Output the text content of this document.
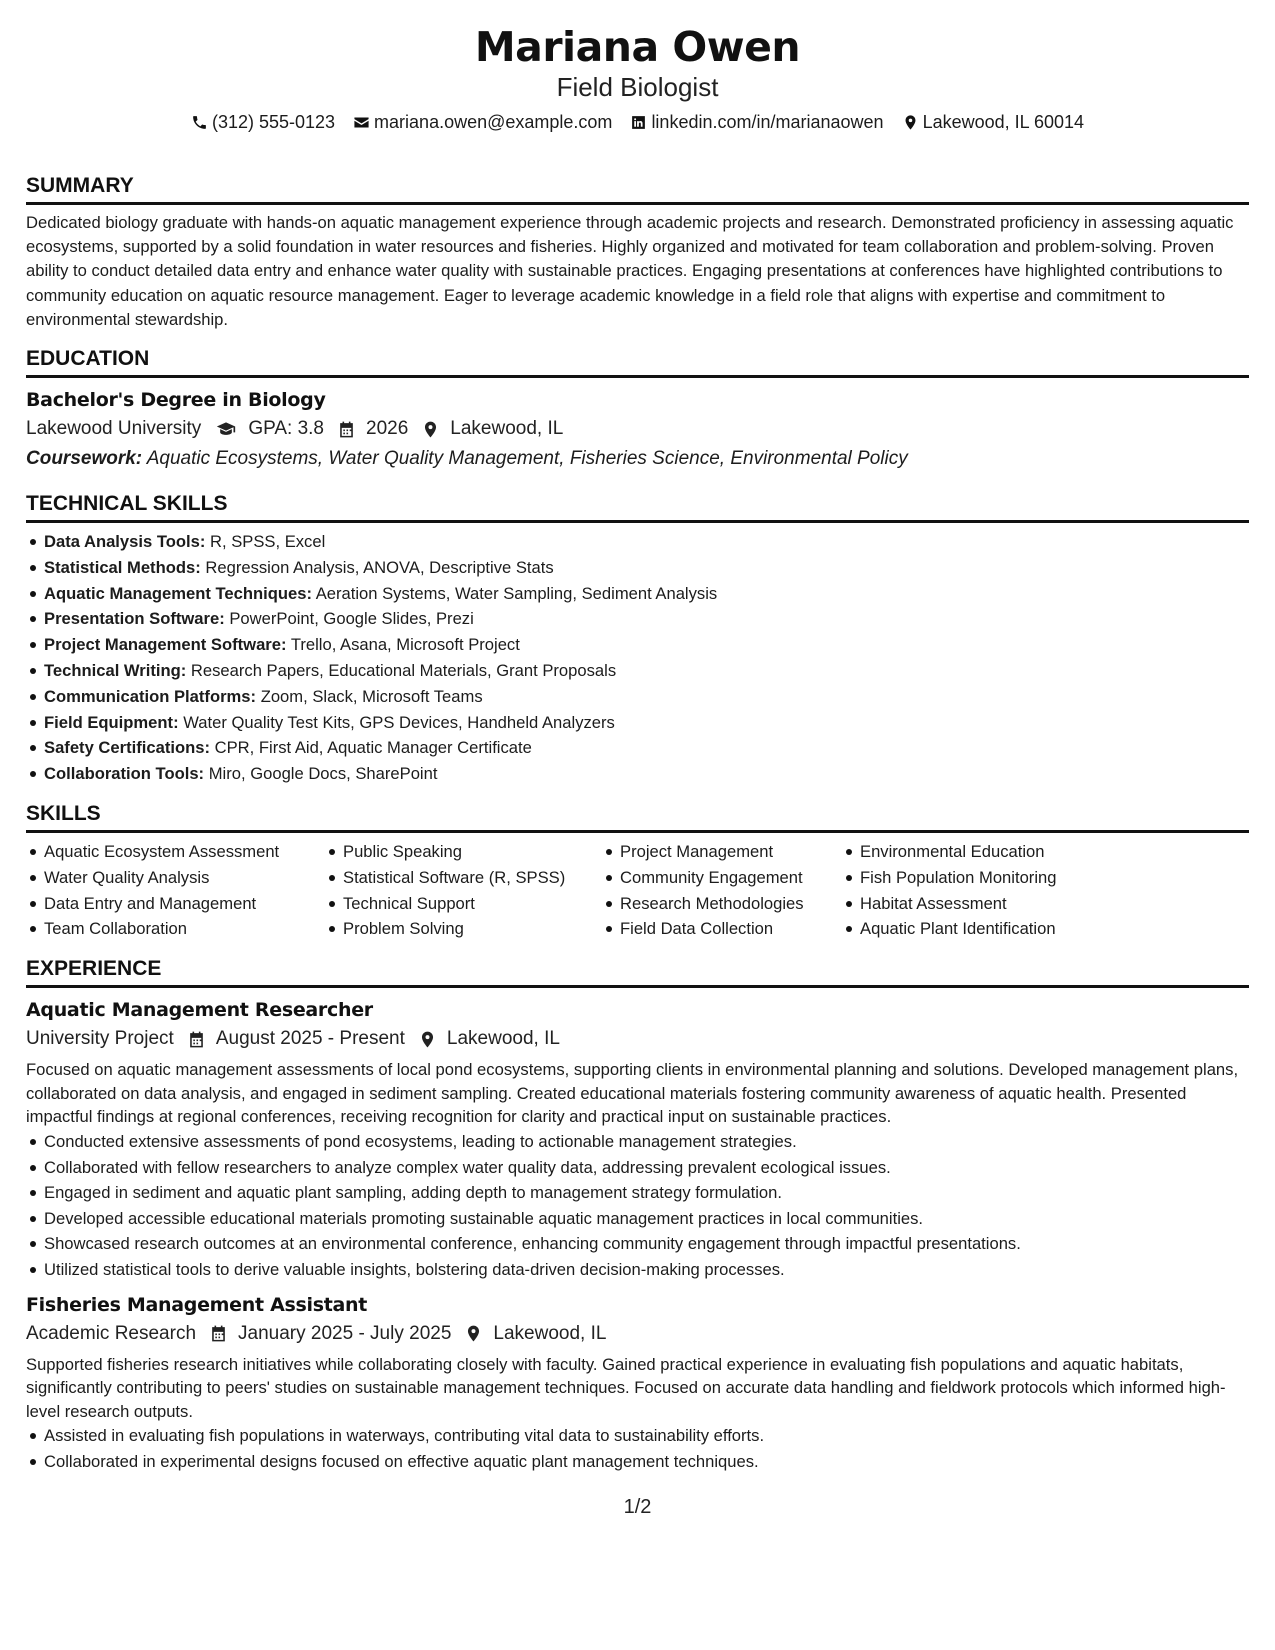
Mariana Owen
Field Biologist
(312) 555-0123 mariana.owen@example.com linkedin.com/in/marianaowen Lakewood, IL 60014
SUMMARY
Dedicated biology graduate with hands-on aquatic management experience through academic projects and research. Demonstrated proficiency in assessing aquatic ecosystems, supported by a solid foundation in water resources and fisheries. Highly organized and motivated for team collaboration and problem-solving. Proven ability to conduct detailed data entry and enhance water quality with sustainable practices. Engaging presentations at conferences have highlighted contributions to community education on aquatic resource management. Eager to leverage academic knowledge in a field role that aligns with expertise and commitment to environmental stewardship.
EDUCATION
Bachelor's Degree in Biology
Lakewood University GPA: 3.8 2026 Lakewood, IL
Coursework: Aquatic Ecosystems, Water Quality Management, Fisheries Science, Environmental Policy
TECHNICAL SKILLS
Data Analysis Tools: R, SPSS, Excel
Statistical Methods: Regression Analysis, ANOVA, Descriptive Stats
Aquatic Management Techniques: Aeration Systems, Water Sampling, Sediment Analysis
Presentation Software: PowerPoint, Google Slides, Prezi
Project Management Software: Trello, Asana, Microsoft Project
Technical Writing: Research Papers, Educational Materials, Grant Proposals
Communication Platforms: Zoom, Slack, Microsoft Teams
Field Equipment: Water Quality Test Kits, GPS Devices, Handheld Analyzers
Safety Certifications: CPR, First Aid, Aquatic Manager Certificate
Collaboration Tools: Miro, Google Docs, SharePoint
SKILLS
Aquatic Ecosystem Assessment
Water Quality Analysis
Data Entry and Management
Team Collaboration
Public Speaking
Statistical Software (R, SPSS)
Technical Support
Problem Solving
Project Management
Community Engagement
Research Methodologies
Field Data Collection
Environmental Education
Fish Population Monitoring
Habitat Assessment
Aquatic Plant Identification
EXPERIENCE
Aquatic Management Researcher
University Project August 2025 - Present Lakewood, IL
Focused on aquatic management assessments of local pond ecosystems, supporting clients in environmental planning and solutions. Developed management plans, collaborated on data analysis, and engaged in sediment sampling. Created educational materials fostering community awareness of aquatic health. Presented impactful findings at regional conferences, receiving recognition for clarity and practical input on sustainable practices.
Conducted extensive assessments of pond ecosystems, leading to actionable management strategies.
Collaborated with fellow researchers to analyze complex water quality data, addressing prevalent ecological issues.
Engaged in sediment and aquatic plant sampling, adding depth to management strategy formulation.
Developed accessible educational materials promoting sustainable aquatic management practices in local communities.
Showcased research outcomes at an environmental conference, enhancing community engagement through impactful presentations.
Utilized statistical tools to derive valuable insights, bolstering data-driven decision-making processes.
Fisheries Management Assistant
Academic Research January 2025 - July 2025 Lakewood, IL
Supported fisheries research initiatives while collaborating closely with faculty. Gained practical experience in evaluating fish populations and aquatic habitats, significantly contributing to peers' studies on sustainable management techniques. Focused on accurate data handling and fieldwork protocols which informed high-level research outputs.
Assisted in evaluating fish populations in waterways, contributing vital data to sustainability efforts.
Collaborated in experimental designs focused on effective aquatic plant management techniques.
1/2
